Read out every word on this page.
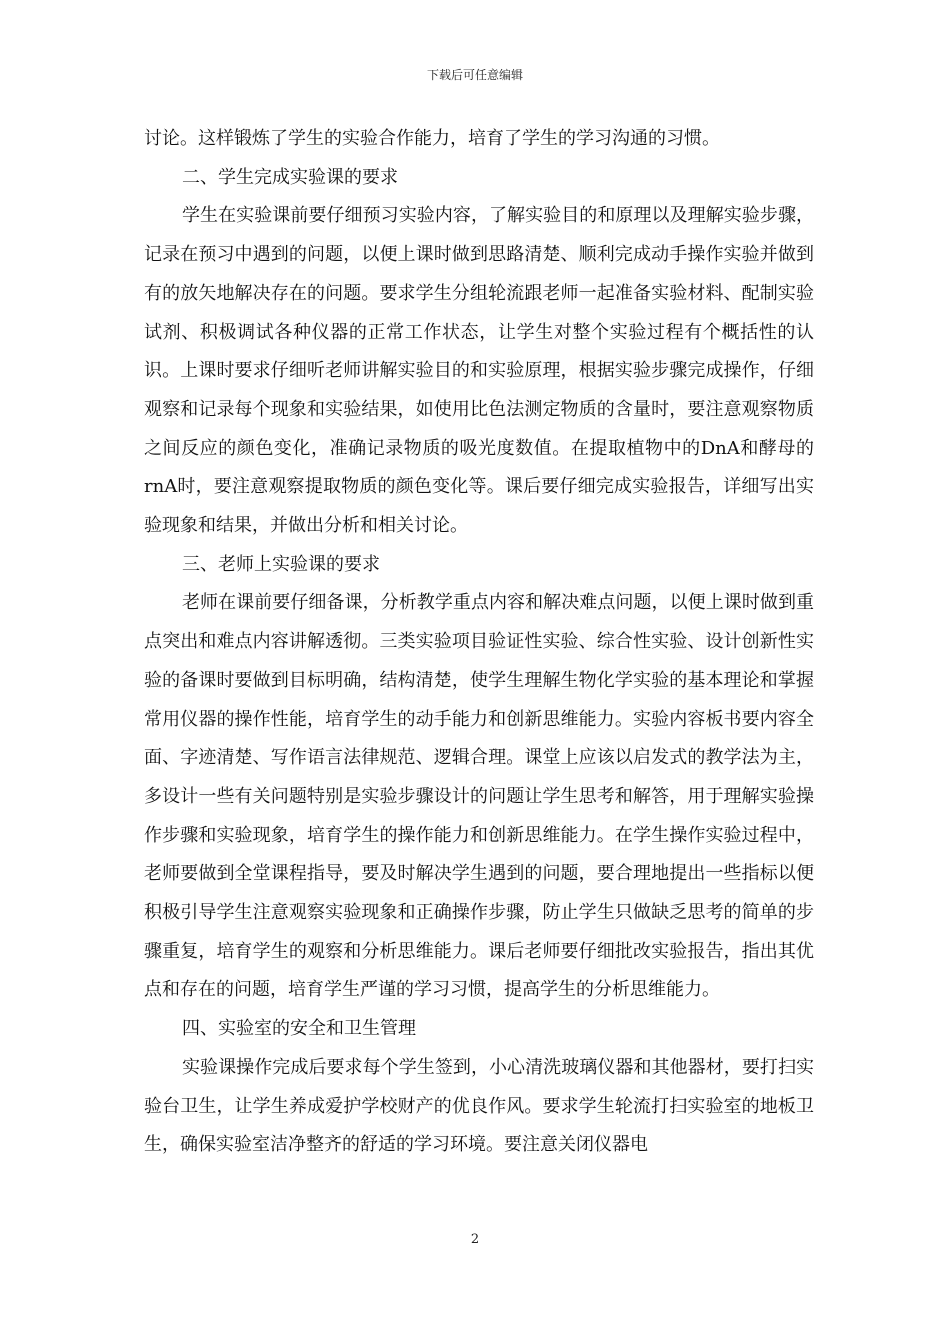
下载后可任意编辑

讨论。这样锻炼了学生的实验合作能力，培育了学生的学习沟通的习惯。

二、学生完成实验课的要求

学生在实验课前要仔细预习实验内容，了解实验目的和原理以及理解实验步骤，记录在预习中遇到的问题，以便上课时做到思路清楚、顺利完成动手操作实验并做到有的放矢地解决存在的问题。要求学生分组轮流跟老师一起准备实验材料、配制实验试剂、积极调试各种仪器的正常工作状态，让学生对整个实验过程有个概括性的认识。上课时要求仔细听老师讲解实验目的和实验原理，根据实验步骤完成操作，仔细观察和记录每个现象和实验结果，如使用比色法测定物质的含量时，要注意观察物质之间反应的颜色变化，准确记录物质的吸光度数值。在提取植物中的DnA和酵母的rnA时，要注意观察提取物质的颜色变化等。课后要仔细完成实验报告，详细写出实验现象和结果，并做出分析和相关讨论。

三、老师上实验课的要求

老师在课前要仔细备课，分析教学重点内容和解决难点问题，以便上课时做到重点突出和难点内容讲解透彻。三类实验项目验证性实验、综合性实验、设计创新性实验的备课时要做到目标明确，结构清楚，使学生理解生物化学实验的基本理论和掌握常用仪器的操作性能，培育学生的动手能力和创新思维能力。实验内容板书要内容全面、字迹清楚、写作语言法律规范、逻辑合理。课堂上应该以启发式的教学法为主，多设计一些有关问题特别是实验步骤设计的问题让学生思考和解答，用于理解实验操作步骤和实验现象，培育学生的操作能力和创新思维能力。在学生操作实验过程中，老师要做到全堂课程指导，要及时解决学生遇到的问题，要合理地提出一些指标以便积极引导学生注意观察实验现象和正确操作步骤，防止学生只做缺乏思考的简单的步骤重复，培育学生的观察和分析思维能力。课后老师要仔细批改实验报告，指出其优点和存在的问题，培育学生严谨的学习习惯，提高学生的分析思维能力。

四、实验室的安全和卫生管理

实验课操作完成后要求每个学生签到，小心清洗玻璃仪器和其他器材，要打扫实验台卫生，让学生养成爱护学校财产的优良作风。要求学生轮流打扫实验室的地板卫生，确保实验室洁净整齐的舒适的学习环境。要注意关闭仪器电

2
